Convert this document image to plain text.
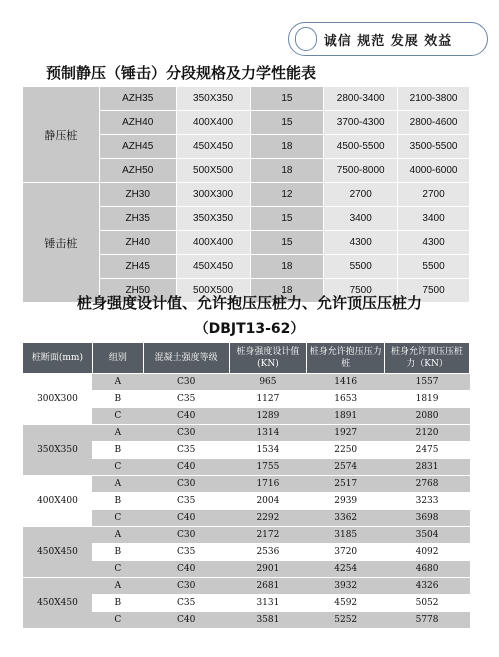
诚信 规范 发展 效益
预制静压（锤击）分段规格及力学性能表
静压桩	AZH35	350X350	15	2800-3400	2100-3800
	AZH40	400X400	15	3700-4300	2800-4600
	AZH45	450X450	18	4500-5500	3500-5500
	AZH50	500X500	18	7500-8000	4000-6000
锤击桩	ZH30	300X300	12	2700	2700
	ZH35	350X350	15	3400	3400
	ZH40	400X400	15	4300	4300
	ZH45	450X450	18	5500	5500
	ZH50	500X500	18	7500	7500
桩身强度设计值、允许抱压压桩力、允许顶压压桩力
（DBJT13-62）
桩断面(mm)	组别	混凝土强度等级	桩身强度设计值(KN)	桩身允许抱压压力桩	桩身允许顶压压桩力（KN）
300X300	A	C30	965	1416	1557
	B	C35	1127	1653	1819
	C	C40	1289	1891	2080
350X350	A	C30	1314	1927	2120
	B	C35	1534	2250	2475
	C	C40	1755	2574	2831
400X400	A	C30	1716	2517	2768
	B	C35	2004	2939	3233
	C	C40	2292	3362	3698
450X450	A	C30	2172	3185	3504
	B	C35	2536	3720	4092
	C	C40	2901	4254	4680
450X450	A	C30	2681	3932	4326
	B	C35	3131	4592	5052
	C	C40	3581	5252	5778
